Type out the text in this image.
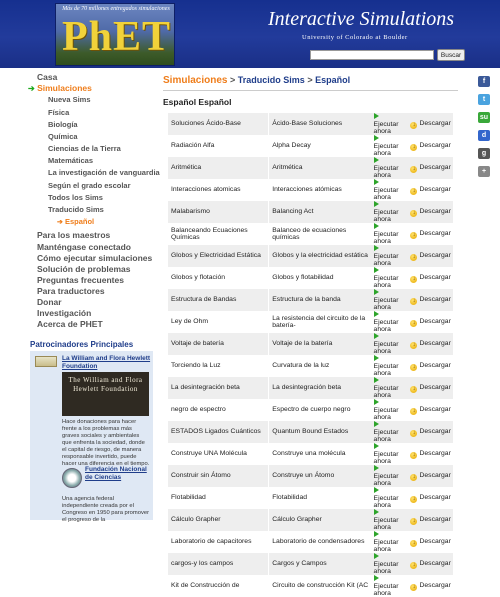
Más de 70 millones entregados simulaciones
PhET	Interactive Simulations
University of Colorado at Boulder
Buscar
Casa
➔ Simulaciones
Nueva Sims
Física
Biología
Química
Ciencias de la Tierra
Matemáticas
La investigación de vanguardia
Según el grado escolar
Todos los Sims
Traducido Sims
➔ Español
Para los maestros
Manténgase conectado
Cómo ejecutar simulaciones
Solución de problemas
Preguntas frecuentes
Para traductores
Donar
Investigación
Acerca de PHET
Patrocinadores Principales
La William and Flora Hewlett Foundation
The William and Flora
Hewlett Foundation
Hace donaciones para hacer frente a los problemas más graves sociales y ambientales que enfrenta la sociedad, donde el capital de riesgo, de manera responsable invertido, puede hacer una diferencia en el tiempo.
Fundación Nacional de Ciencias
Una agencia federal independiente creada por el Congreso en 1950 para promover el progreso de la
Simulaciones > Traducido Sims > Español
Español Español
Soluciones Ácido-Base	Ácido-Base Soluciones	Ejecutar ahora	↓ Descargar
Radiación Alfa	Alpha Decay	Ejecutar ahora	↓ Descargar
Aritmética	Aritmética	Ejecutar ahora	↓ Descargar
Interacciones atomicas	Interacciones atómicas	Ejecutar ahora	↓ Descargar
Malabarismo	Balancing Act	Ejecutar ahora	↓ Descargar
Balanceando Ecuaciones Químicas	Balanceo de ecuaciones químicas	Ejecutar ahora	↓ Descargar
Globos y Electricidad Estática	Globos y la electricidad estática	Ejecutar ahora	↓ Descargar
Globos y flotación	Globos y flotabilidad	Ejecutar ahora	↓ Descargar
Estructura de Bandas	Estructura de la banda	Ejecutar ahora	↓ Descargar
Ley de Ohm	La resistencia del circuito de la batería-	Ejecutar ahora	↓ Descargar
Voltaje de batería	Voltaje de la batería	Ejecutar ahora	↓ Descargar
Torciendo la Luz	Curvatura de la luz	Ejecutar ahora	↓ Descargar
La desintegración beta	La desintegración beta	Ejecutar ahora	↓ Descargar
negro de espectro	Espectro de cuerpo negro	Ejecutar ahora	↓ Descargar
ESTADOS Ligados Cuánticos	Quantum Bound Estados	Ejecutar ahora	↓ Descargar
Construye UNA Molécula	Construye una molécula	Ejecutar ahora	↓ Descargar
Construir sin Átomo	Construye un Átomo	Ejecutar ahora	↓ Descargar
Flotabilidad	Flotabilidad	Ejecutar ahora	↓ Descargar
Cálculo Grapher	Cálculo Grapher	Ejecutar ahora	↓ Descargar
Laboratorio de capacitores	Laboratorio de condensadores	Ejecutar ahora	↓ Descargar
cargos-y los campos	Cargos y Campos	Ejecutar ahora	↓ Descargar
Kit de Construcción de	Circuito de construcción Kit (AC	Ejecutar ahora	↓ Descargar
f
t
su
d
g
+
